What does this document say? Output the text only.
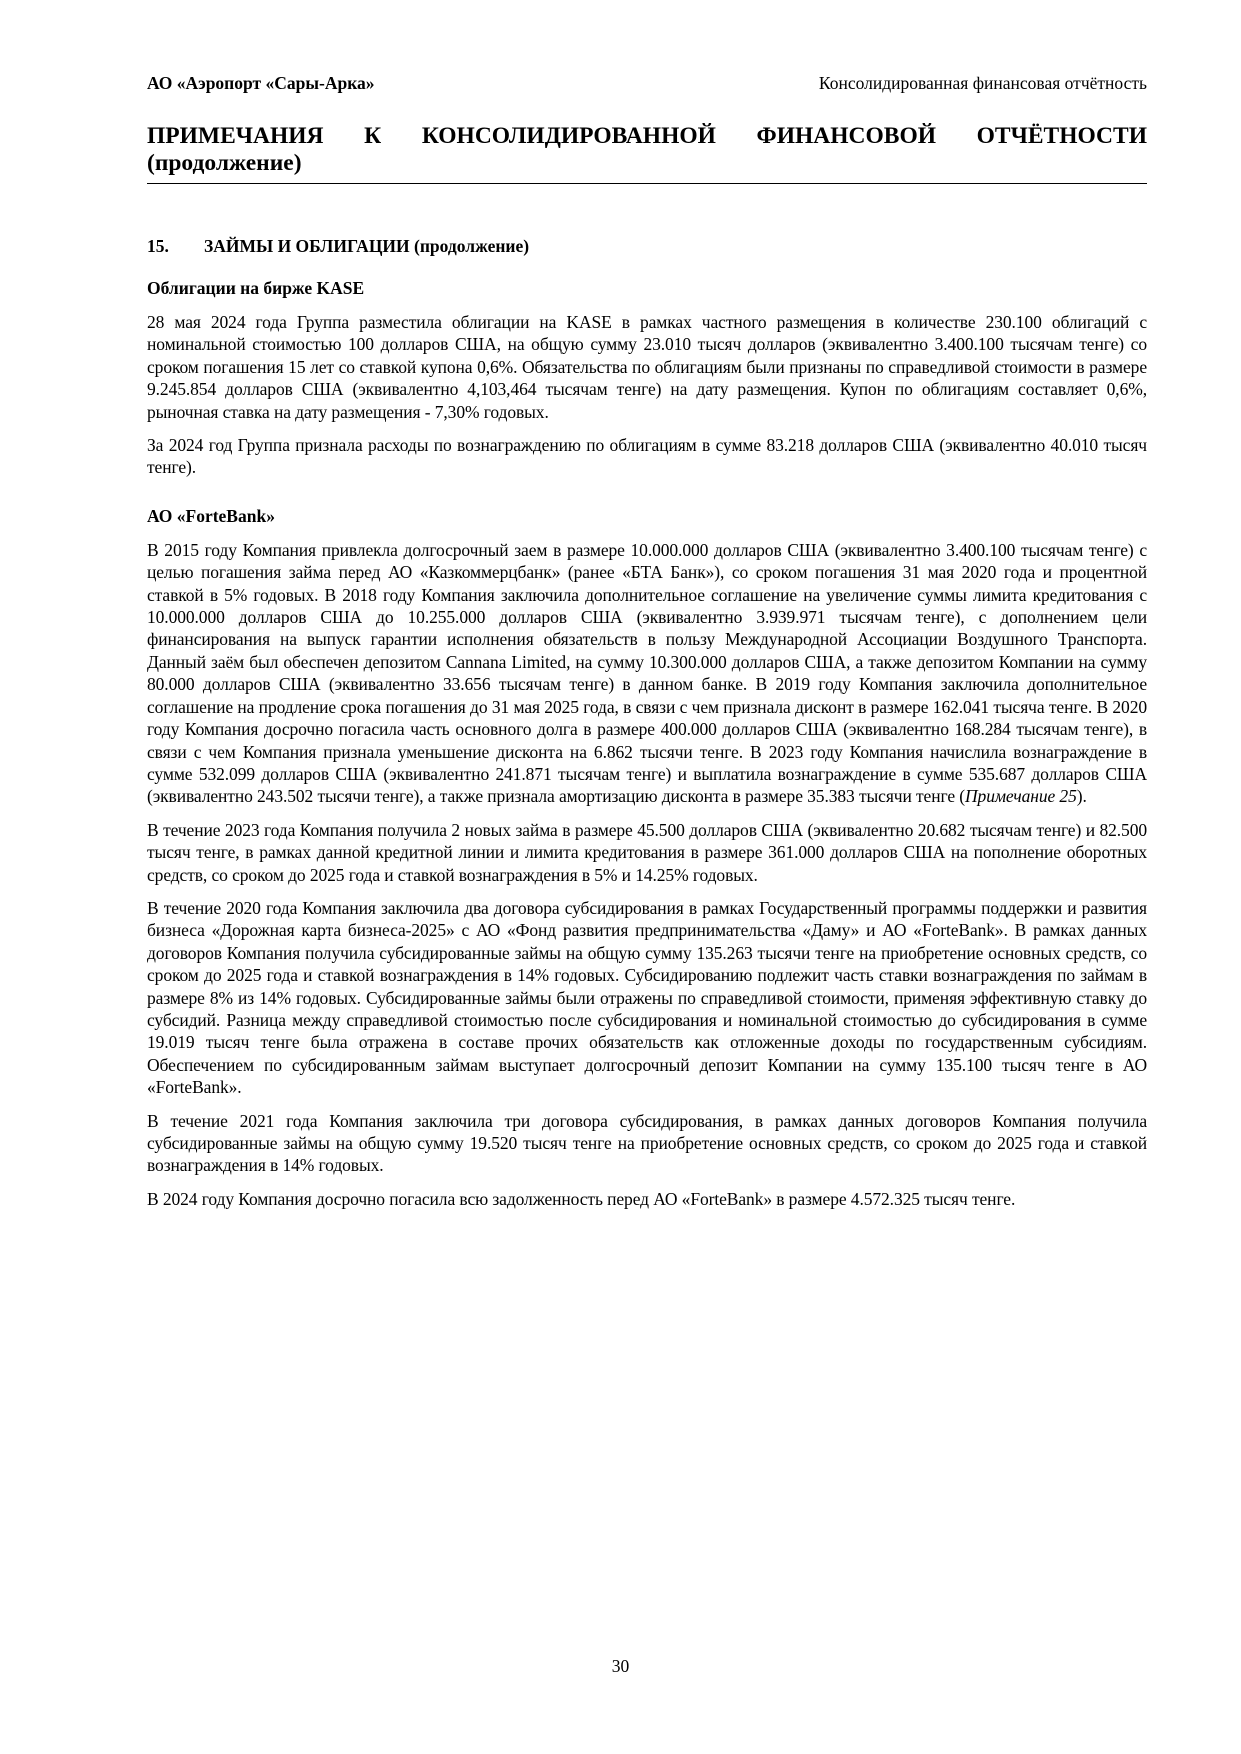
АО «Аэропорт «Сары-Арка»	Консолидированная финансовая отчётность
ПРИМЕЧАНИЯ К КОНСОЛИДИРОВАННОЙ ФИНАНСОВОЙ ОТЧЁТНОСТИ
(продолжение)
15. ЗАЙМЫ И ОБЛИГАЦИИ (продолжение)
Облигации на бирже KASE

28 мая 2024 года Группа разместила облигации на KASE в рамках частного размещения в количестве 230.100 облигаций с номинальной стоимостью 100 долларов США, на общую сумму 23.010 тысяч долларов (эквивалентно 3.400.100 тысячам тенге) со сроком погашения 15 лет со ставкой купона 0,6%. Обязательства по облигациям были признаны по справедливой стоимости в размере 9.245.854 долларов США (эквивалентно 4,103,464 тысячам тенге) на дату размещения. Купон по облигациям составляет 0,6%, рыночная ставка на дату размещения - 7,30% годовых.

За 2024 год Группа признала расходы по вознаграждению по облигациям в сумме 83.218 долларов США (эквивалентно 40.010 тысяч тенге).

АО «ForteBank»

В 2015 году Компания привлекла долгосрочный заем в размере 10.000.000 долларов США (эквивалентно 3.400.100 тысячам тенге) с целью погашения займа перед АО «Казкоммерцбанк» (ранее «БТА Банк»), со сроком погашения 31 мая 2020 года и процентной ставкой в 5% годовых. В 2018 году Компания заключила дополнительное соглашение на увеличение суммы лимита кредитования с 10.000.000 долларов США до 10.255.000 долларов США (эквивалентно 3.939.971 тысячам тенге), с дополнением цели финансирования на выпуск гарантии исполнения обязательств в пользу Международной Ассоциации Воздушного Транспорта. Данный заём был обеспечен депозитом Cannana Limited, на сумму 10.300.000 долларов США, а также депозитом Компании на сумму 80.000 долларов США (эквивалентно 33.656 тысячам тенге) в данном банке. В 2019 году Компания заключила дополнительное соглашение на продление срока погашения до 31 мая 2025 года, в связи с чем признала дисконт в размере 162.041 тысяча тенге. В 2020 году Компания досрочно погасила часть основного долга в размере 400.000 долларов США (эквивалентно 168.284 тысячам тенге), в связи с чем Компания признала уменьшение дисконта на 6.862 тысячи тенге. В 2023 году Компания начислила вознаграждение в сумме 532.099 долларов США (эквивалентно 241.871 тысячам тенге) и выплатила вознаграждение в сумме 535.687 долларов США (эквивалентно 243.502 тысячи тенге), а также признала амортизацию дисконта в размере 35.383 тысячи тенге (Примечание 25).

В течение 2023 года Компания получила 2 новых займа в размере 45.500 долларов США (эквивалентно 20.682 тысячам тенге) и 82.500 тысяч тенге, в рамках данной кредитной линии и лимита кредитования в размере 361.000 долларов США на пополнение оборотных средств, со сроком до 2025 года и ставкой вознаграждения в 5% и 14.25% годовых.

В течение 2020 года Компания заключила два договора субсидирования в рамках Государственный программы поддержки и развития бизнеса «Дорожная карта бизнеса-2025» с АО «Фонд развития предпринимательства «Даму» и АО «ForteBank». В рамках данных договоров Компания получила субсидированные займы на общую сумму 135.263 тысячи тенге на приобретение основных средств, со сроком до 2025 года и ставкой вознаграждения в 14% годовых. Субсидированию подлежит часть ставки вознаграждения по займам в размере 8% из 14% годовых. Субсидированные займы были отражены по справедливой стоимости, применяя эффективную ставку до субсидий. Разница между справедливой стоимостью после субсидирования и номинальной стоимостью до субсидирования в сумме 19.019 тысяч тенге была отражена в составе прочих обязательств как отложенные доходы по государственным субсидиям. Обеспечением по субсидированным займам выступает долгосрочный депозит Компании на сумму 135.100 тысяч тенге в АО «ForteBank».

В течение 2021 года Компания заключила три договора субсидирования, в рамках данных договоров Компания получила субсидированные займы на общую сумму 19.520 тысяч тенге на приобретение основных средств, со сроком до 2025 года и ставкой вознаграждения в 14% годовых.

В 2024 году Компания досрочно погасила всю задолженность перед АО «ForteBank» в размере 4.572.325 тысяч тенге.

30
